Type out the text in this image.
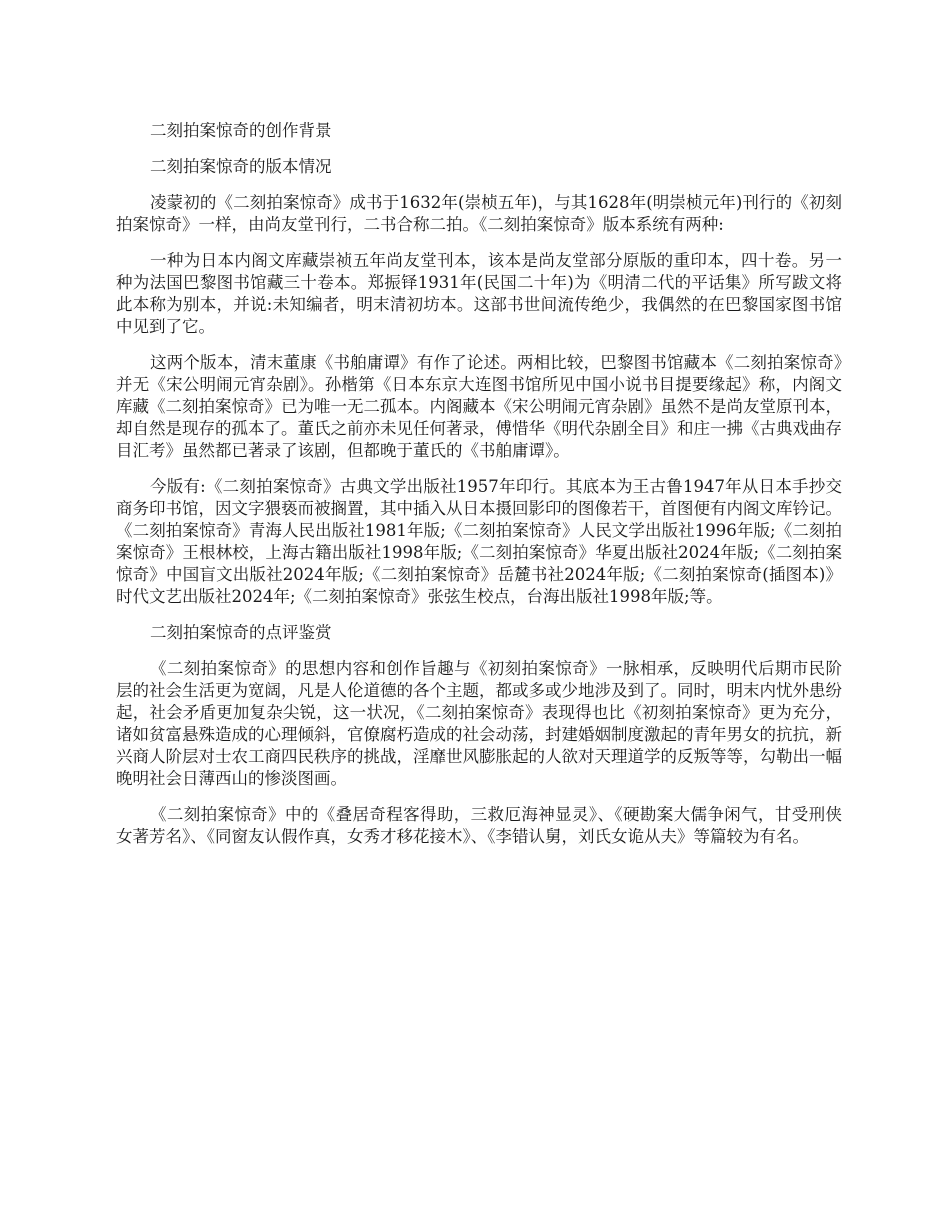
二刻拍案惊奇的创作背景

二刻拍案惊奇的版本情况

凌蒙初的《二刻拍案惊奇》成书于1632年(崇桢五年)，与其1628年(明崇桢元年)刊行的《初刻拍案惊奇》一样，由尚友堂刊行，二书合称二拍。《二刻拍案惊奇》版本系统有两种:

一种为日本内阁文库藏崇祯五年尚友堂刊本，该本是尚友堂部分原版的重印本，四十卷。另一种为法国巴黎图书馆藏三十卷本。郑振铎1931年(民国二十年)为《明清二代的平话集》所写跋文将此本称为别本，并说:未知编者，明末清初坊本。这部书世间流传绝少，我偶然的在巴黎国家图书馆中见到了它。

这两个版本，清末董康《书舶庸谭》有作了论述。两相比较，巴黎图书馆藏本《二刻拍案惊奇》并无《宋公明闹元宵杂剧》。孙楷第《日本东京大连图书馆所见中国小说书目提要缘起》称，内阁文库藏《二刻拍案惊奇》已为唯一无二孤本。内阁藏本《宋公明闹元宵杂剧》虽然不是尚友堂原刊本，却自然是现存的孤本了。董氏之前亦未见任何著录，傅惜华《明代杂剧全目》和庄一拂《古典戏曲存目汇考》虽然都已著录了该剧，但都晚于董氏的《书舶庸谭》。

今版有:《二刻拍案惊奇》古典文学出版社1957年印行。其底本为王古鲁1947年从日本手抄交商务印书馆，因文字猥亵而被搁置，其中插入从日本摄回影印的图像若干，首图便有内阁文库钤记。《二刻拍案惊奇》青海人民出版社1981年版;《二刻拍案惊奇》人民文学出版社1996年版;《二刻拍案惊奇》王根林校，上海古籍出版社1998年版;《二刻拍案惊奇》华夏出版社2024年版;《二刻拍案惊奇》中国盲文出版社2024年版;《二刻拍案惊奇》岳麓书社2024年版;《二刻拍案惊奇(插图本)》时代文艺出版社2024年;《二刻拍案惊奇》张弦生校点，台海出版社1998年版;等。

二刻拍案惊奇的点评鉴赏

《二刻拍案惊奇》的思想内容和创作旨趣与《初刻拍案惊奇》一脉相承，反映明代后期市民阶层的社会生活更为宽阔，凡是人伦道德的各个主题，都或多或少地涉及到了。同时，明末内忧外患纷起，社会矛盾更加复杂尖锐，这一状况，《二刻拍案惊奇》表现得也比《初刻拍案惊奇》更为充分，诸如贫富悬殊造成的心理倾斜，官僚腐朽造成的社会动荡，封建婚姻制度激起的青年男女的抗抗，新兴商人阶层对士农工商四民秩序的挑战，淫靡世风膨胀起的人欲对天理道学的反叛等等，勾勒出一幅晚明社会日薄西山的惨淡图画。

《二刻拍案惊奇》中的《叠居奇程客得助，三救厄海神显灵》、《硬勘案大儒争闲气，甘受刑侠女著芳名》、《同窗友认假作真，女秀才移花接木》、《李错认舅，刘氏女诡从夫》等篇较为有名。
